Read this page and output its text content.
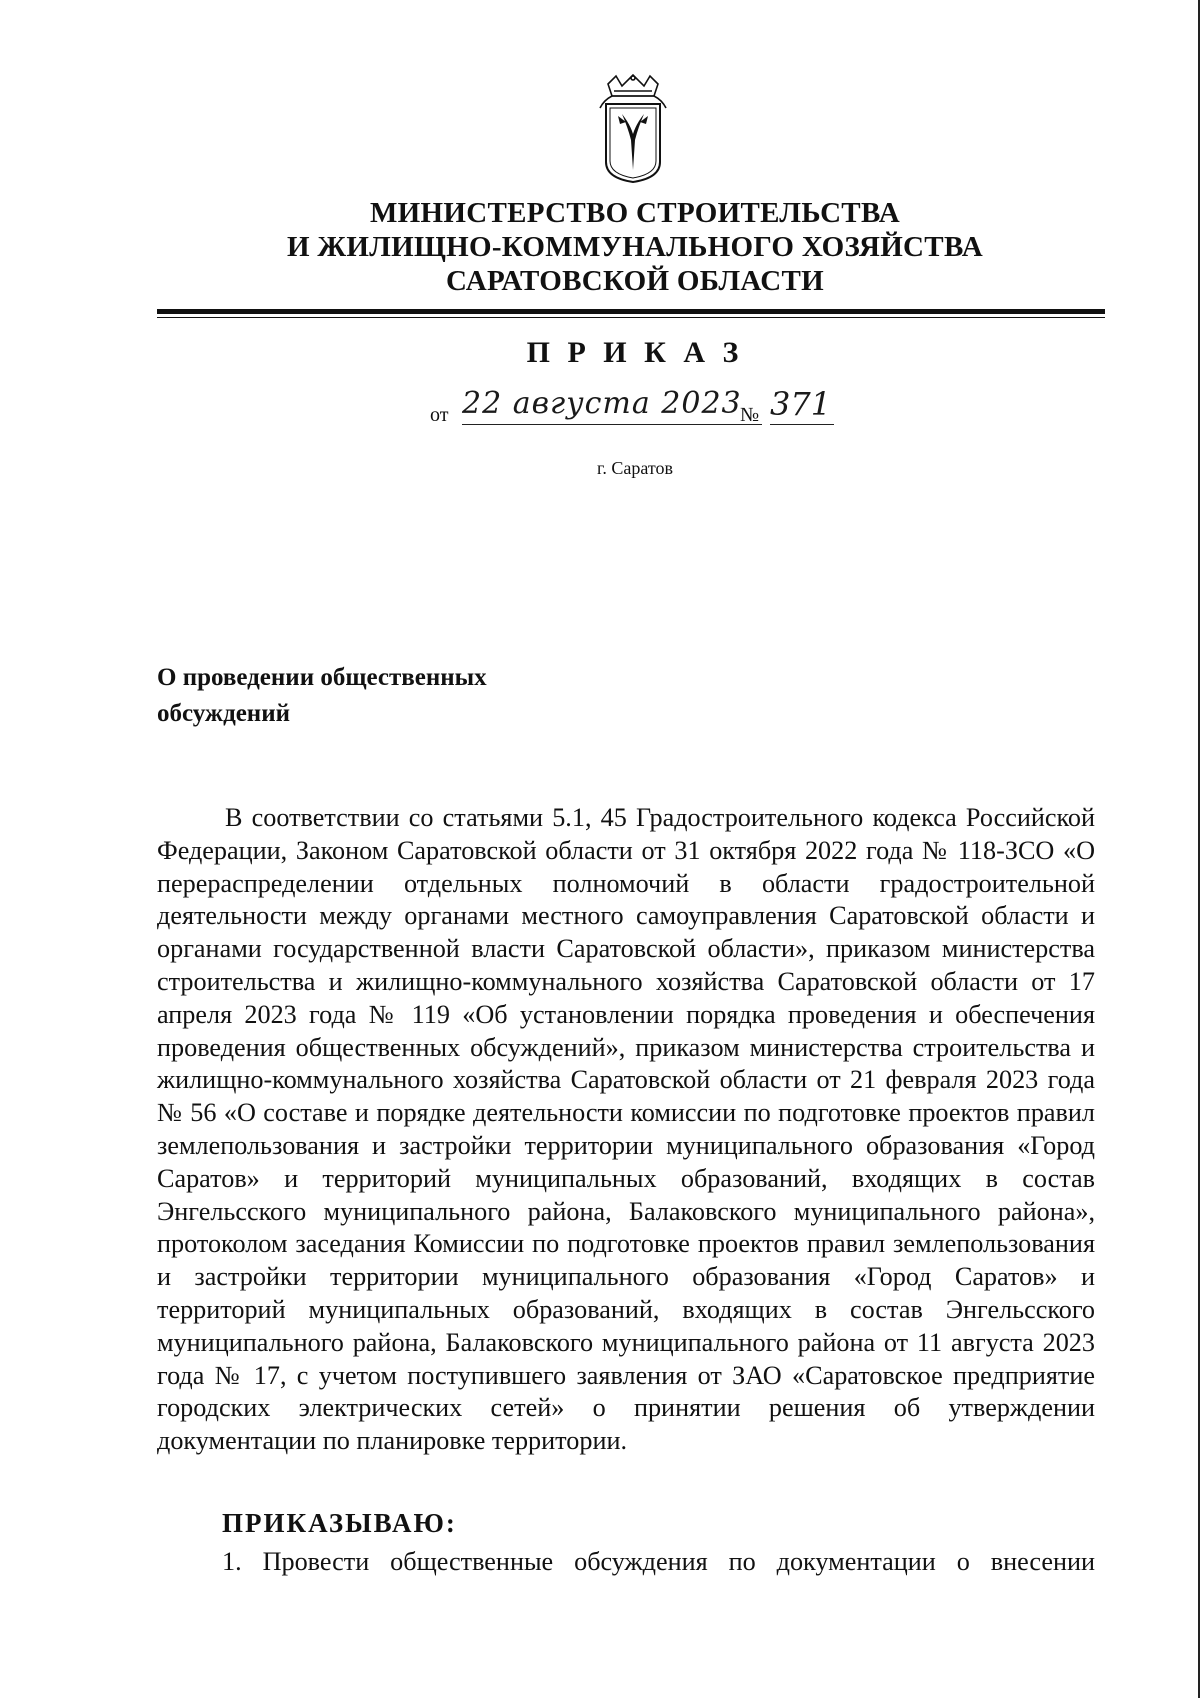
МИНИСТЕРСТВО СТРОИТЕЛЬСТВА
И ЖИЛИЩНО-КОММУНАЛЬНОГО ХОЗЯЙСТВА
САРАТОВСКОЙ ОБЛАСТИ
П Р И К А З
от 22 августа 2023
№ 371
г. Саратов
О проведении общественных
обсуждений

В соответствии со статьями 5.1, 45 Градостроительного кодекса Российской Федерации, Законом Саратовской области от 31 октября 2022 года № 118-ЗСО «О перераспределении отдельных полномочий в области градостроительной деятельности между органами местного самоуправления Саратовской области и органами государственной власти Саратовской области», приказом министерства строительства и жилищно-коммунального хозяйства Саратовской области от 17 апреля 2023 года № 119 «Об установлении порядка проведения и обеспечения проведения общественных обсуждений», приказом министерства строительства и жилищно-коммунального хозяйства Саратовской области от 21 февраля 2023 года № 56 «О составе и порядке деятельности комиссии по подготовке проектов правил землепользования и застройки территории муниципального образования «Город Саратов» и территорий муниципальных образований, входящих в состав Энгельсского муниципального района, Балаковского муниципального района», протоколом заседания Комиссии по подготовке проектов правил землепользования и застройки территории муниципального образования «Город Саратов» и территорий муниципальных образований, входящих в состав Энгельсского муниципального района, Балаковского муниципального района от 11 августа 2023 года № 17, с учетом поступившего заявления от ЗАО «Саратовское предприятие городских электрических сетей» о принятии решения об утверждении документации по планировке территории.

ПРИКАЗЫВАЮ:
1. Провести общественные обсуждения по документации о внесении
